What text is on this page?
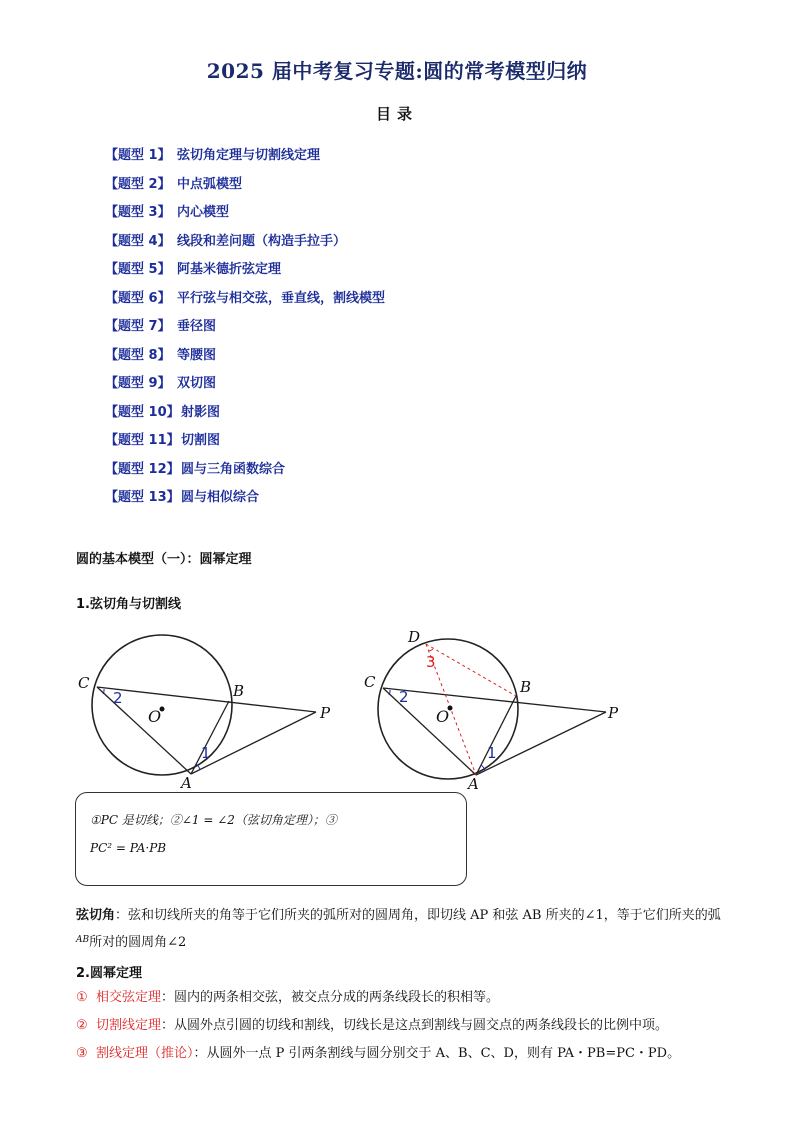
2025 届中考复习专题:圆的常考模型归纳
目录
【题型 1】 弦切角定理与切割线定理
【题型 2】 中点弧模型
【题型 3】 内心模型
【题型 4】 线段和差问题（构造手拉手）
【题型 5】 阿基米德折弦定理
【题型 6】 平行弦与相交弦，垂直线，割线模型
【题型 7】 垂径图
【题型 8】 等腰图
【题型 9】 双切图
【题型 10】射影图
【题型 11】切割图
【题型 12】圆与三角函数综合
【题型 13】圆与相似综合
圆的基本模型（一）：圆幂定理
1.弦切角与切割线
C	B
P
O
A
2
1
D
C	B
P
O
A
2
1
3
①PC 是切线；②∠1 = ∠2（弦切角定理）；③
PC² = PA·PB
弦切角：弦和切线所夹的角等于它们所夹的弧所对的圆周角，即切线 AP 和弦 AB 所夹的∠1，等于它们所夹的弧$^{AB}$所对的圆周角∠2
2.圆幂定理
① 相交弦定理：圆内的两条相交弦，被交点分成的两条线段长的积相等。
② 切割线定理：从圆外点引圆的切线和割线，切线长是这点到割线与圆交点的两条线段长的比例中项。
③ 割线定理（推论）：从圆外一点 P 引两条割线与圆分别交于 A、B、C、D，则有 PA・PB=PC・PD。
